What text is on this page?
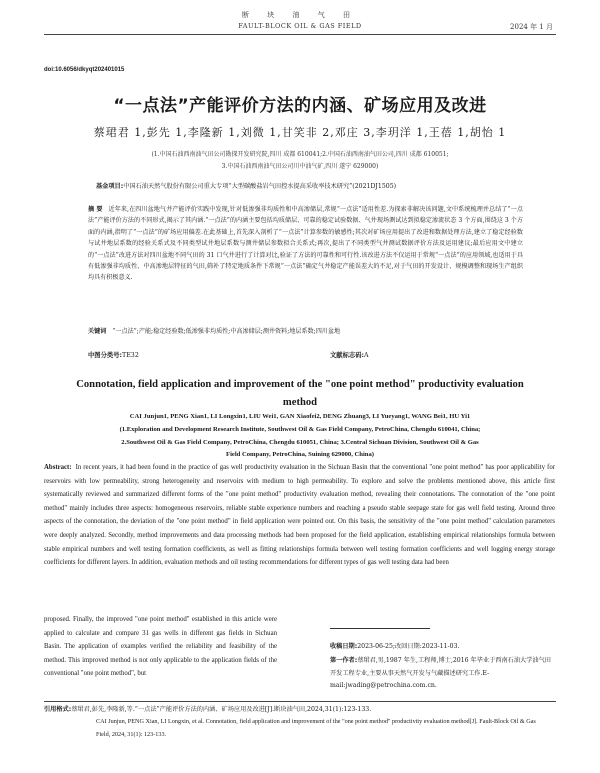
断 块 油 气 田
FAULT-BLOCK OIL & GAS FIELD	2024 年 1 月
doi:10.6056/dkyqt202401015
“一点法”产能评价方法的内涵、矿场应用及改进
蔡珺君 1,彭先 1,李隆新 1,刘微 1,甘笑非 2,邓庄 3,李玥洋 1,王蓓 1,胡怡 1
(1.中国石油西南油气田公司勘探开发研究院,四川 成都 610041;2.中国石油西南油气田公司,四川 成都 610051;
3.中国石油西南油气田公司川中油气矿,四川 遂宁 629000)
基金项目:中国石油天然气股份有限公司重大专项“大型碳酸盐岩气田控水提高采收率技术研究”(2021DJ1505)
摘 要 近年来,在四川盆地气井产能评价实践中发现,针对低渗强非均质性和中高渗储层,常规“一点法”适用性差.为探索非解决该问题,文中系统梳理并总结了“一点法”产能评价方法的不同形式,揭示了其内涵.“一点法”的内涵主要包括均质储层、可靠的稳定试验数据、气井现场测试达到拟稳定渗流状态 3 个方面,围绕这 3 个方面的内涵,指明了“一点法”的矿场应用偏差.在此基础上,首先深入剖析了“一点法”计算参数的敏感性;其次对矿场应用提出了改进和数据处理方法,建立了稳定经验数与试井地层系数的经验关系式及不同类型试井地层系数与测井储层参数拟合关系式;再次,提出了不同类型气井测试数据评价方法及运用建议;最后应用文中建立的“一点法”改进方法对四川盆地不同气田的 31 口气井进行了计算对比,验证了方法的可靠性和可行性.该改进方法不仅运用于常规“一点法”的应用领域,也适用于具有低渗强非均质性、中高渗地层特征的气田,筛补了特定地质条件下常规“一点法”确定气井稳定产能误差大的不足,对于气田的开发设计、规模调整和现场生产组织均具有积极意义.
关键词 “一点法”;产能;稳定经验数;低渗强非均质性;中高渗储层;测井资料;地层系数;四川盆地
中图分类号:TE32	文献标志码:A
Connotation, field application and improvement of the "one point method" productivity evaluation method
CAI Junjun1, PENG Xian1, LI Longxin1, LIU Wei1, GAN Xiaofei2, DENG Zhuang3, LI Yueyang1, WANG Bei1, HU Yi1
(1.Exploration and Development Research Institute, Southwest Oil & Gas Field Company, PetroChina, Chengdu 610041, China;
2.Southwest Oil & Gas Field Company, PetroChina, Chengdu 610051, China; 3.Central Sichuan Division, Southwest Oil & Gas
Field Company, PetroChina, Suining 629000, China)
Abstract: In recent years, it had been found in the practice of gas well productivity evaluation in the Sichuan Basin that the conventional "one point method" has poor applicability for reservoirs with low permeability, strong heterogeneity and reservoirs with medium to high permeability. To explore and solve the problems mentioned above, this article first systematically reviewed and summarized different forms of the "one point method" productivity evaluation method, revealing their connotations. The connotation of the "one point method" mainly includes three aspects: homogeneous reservoirs, reliable stable experience numbers and reaching a pseudo stable seepage state for gas well field testing. Around three aspects of the connotation, the deviation of the "one point method" in field application were pointed out. On this basis, the sensitivity of the "one point method" calculation parameters were deeply analyzed. Secondly, method improvements and data processing methods had been proposed for the field application, establishing empirical relationships formula between stable empirical numbers and well testing formation coefficients, as well as fitting relationships formula between well testing formation coefficients and well logging energy storage coefficients for different layers. In addition, evaluation methods and oil testing recommendations for different types of gas well testing data had been
proposed. Finally, the improved "one point method" established in this article were applied to calculate and compare 31 gas wells in different gas fields in Sichuan Basin. The application of examples verified the reliability and feasibility of the method. This improved method is not only applicable to the application fields of the conventional "one point method", but
收稿日期:2023-06-25;改回日期:2023-11-03.
第一作者:蔡珺君,男,1987 年生,工程师,博士,2016 年毕业于西南石油大学油气田开发工程专业,主要从事天然气开发与气藏描述研究工作.E-mail:jwading@petrochina.com.cn.
引用格式:蔡珺君,彭先,李隆新,等.“一点法”产能评价方法的内涵、矿场应用及改进[J].断块油气田,2024,31(1):123-133.
CAI Junjun, PENG Xian, LI Longxin, et al. Connotation, field application and improvement of the "one point method" productivity evaluation method[J]. Fault-Block Oil & Gas Field, 2024, 31(1): 123-133.
